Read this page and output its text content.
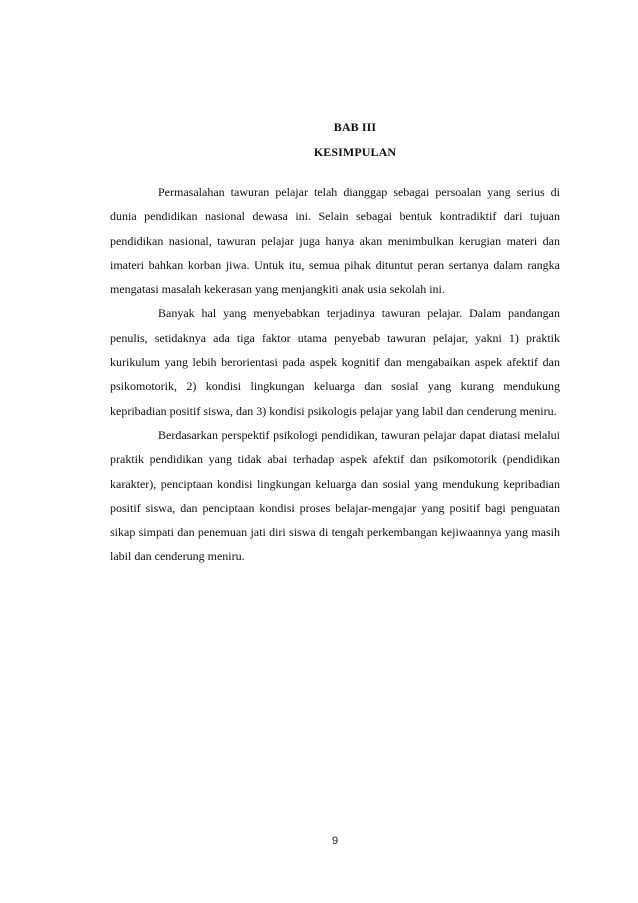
BAB III
KESIMPULAN

Permasalahan tawuran pelajar telah dianggap sebagai persoalan yang serius di dunia pendidikan nasional dewasa ini. Selain sebagai bentuk kontradiktif dari tujuan pendidikan nasional, tawuran pelajar juga hanya akan menimbulkan kerugian materi dan imateri bahkan korban jiwa. Untuk itu, semua pihak dituntut peran sertanya dalam rangka mengatasi masalah kekerasan yang menjangkiti anak usia sekolah ini.

Banyak hal yang menyebabkan terjadinya tawuran pelajar. Dalam pandangan penulis, setidaknya ada tiga faktor utama penyebab tawuran pelajar, yakni 1) praktik kurikulum yang lebih berorientasi pada aspek kognitif dan mengabaikan aspek afektif dan psikomotorik, 2) kondisi lingkungan keluarga dan sosial yang kurang mendukung kepribadian positif siswa, dan 3) kondisi psikologis pelajar yang labil dan cenderung meniru.

Berdasarkan perspektif psikologi pendidikan, tawuran pelajar dapat diatasi melalui praktik pendidikan yang tidak abai terhadap aspek afektif dan psikomotorik (pendidikan karakter), penciptaan kondisi lingkungan keluarga dan sosial yang mendukung kepribadian positif siswa, dan penciptaan kondisi proses belajar-mengajar yang positif bagi penguatan sikap simpati dan penemuan jati diri siswa di tengah perkembangan kejiwaannya yang masih labil dan cenderung meniru.

9
